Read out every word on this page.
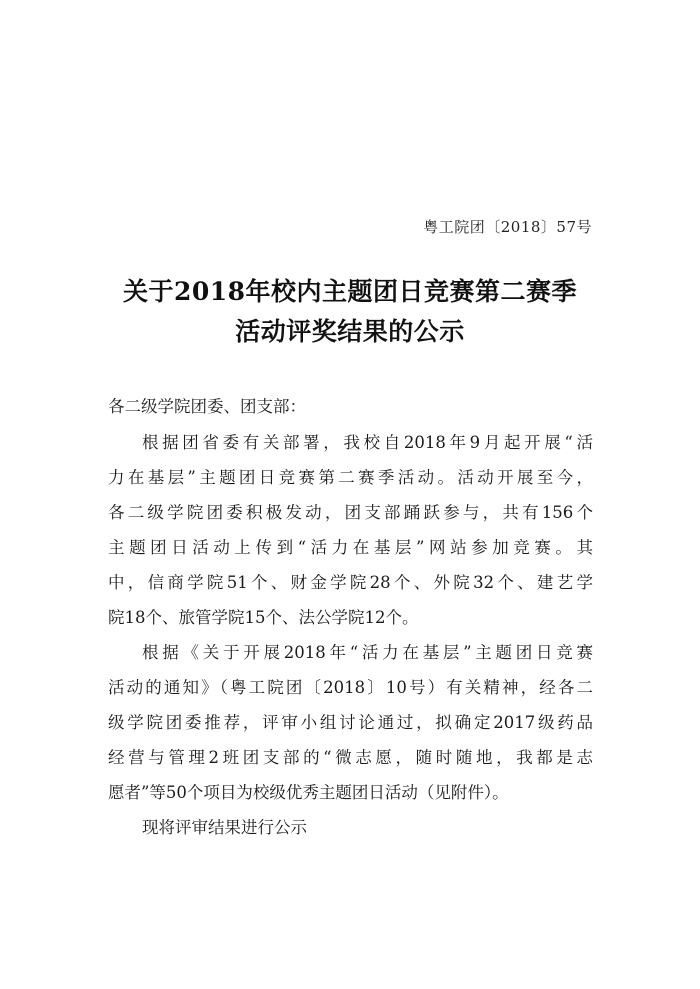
粤工院团〔2018〕57号
关于2018年校内主题团日竞赛第二赛季
活动评奖结果的公示
各二级学院团委、团支部：
根据团省委有关部署，我校自2018年9月起开展“活
力在基层”主题团日竞赛第二赛季活动。活动开展至今，
各二级学院团委积极发动，团支部踊跃参与，共有156个
主题团日活动上传到“活力在基层”网站参加竞赛。其
中，信商学院51个、财金学院28个、外院32个、建艺学
院18个、旅管学院15个、法公学院12个。
根据《关于开展2018年“活力在基层”主题团日竞赛
活动的通知》（粤工院团〔2018〕10号）有关精神，经各二
级学院团委推荐，评审小组讨论通过，拟确定2017级药品
经营与管理2班团支部的“微志愿，随时随地，我都是志
愿者”等50个项目为校级优秀主题团日活动（见附件）。
现将评审结果进行公示
